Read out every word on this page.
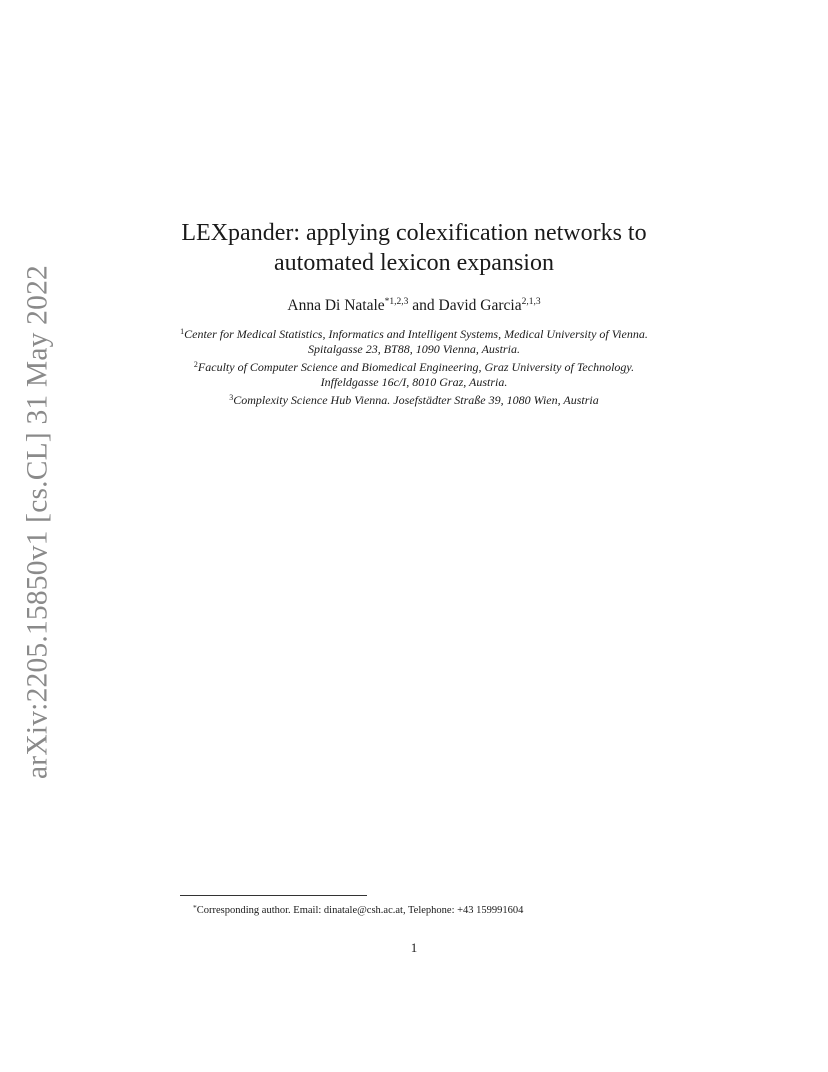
arXiv:2205.15850v1 [cs.CL] 31 May 2022
LEXpander: applying colexification networks to
automated lexicon expansion
Anna Di Natale$^{*1,2,3}$ and David Garcia$^{2,1,3}$

$^1$Center for Medical Statistics, Informatics and Intelligent Systems, Medical University of Vienna. Spitalgasse 23, BT88, 1090 Vienna, Austria.

$^2$Faculty of Computer Science and Biomedical Engineering, Graz University of Technology. Inffeldgasse 16c/I, 8010 Graz, Austria.

$^3$Complexity Science Hub Vienna. Josefstädter Straße 39, 1080 Wien, Austria

*Corresponding author. Email: dinatale@csh.ac.at, Telephone: +43 159991604
1
